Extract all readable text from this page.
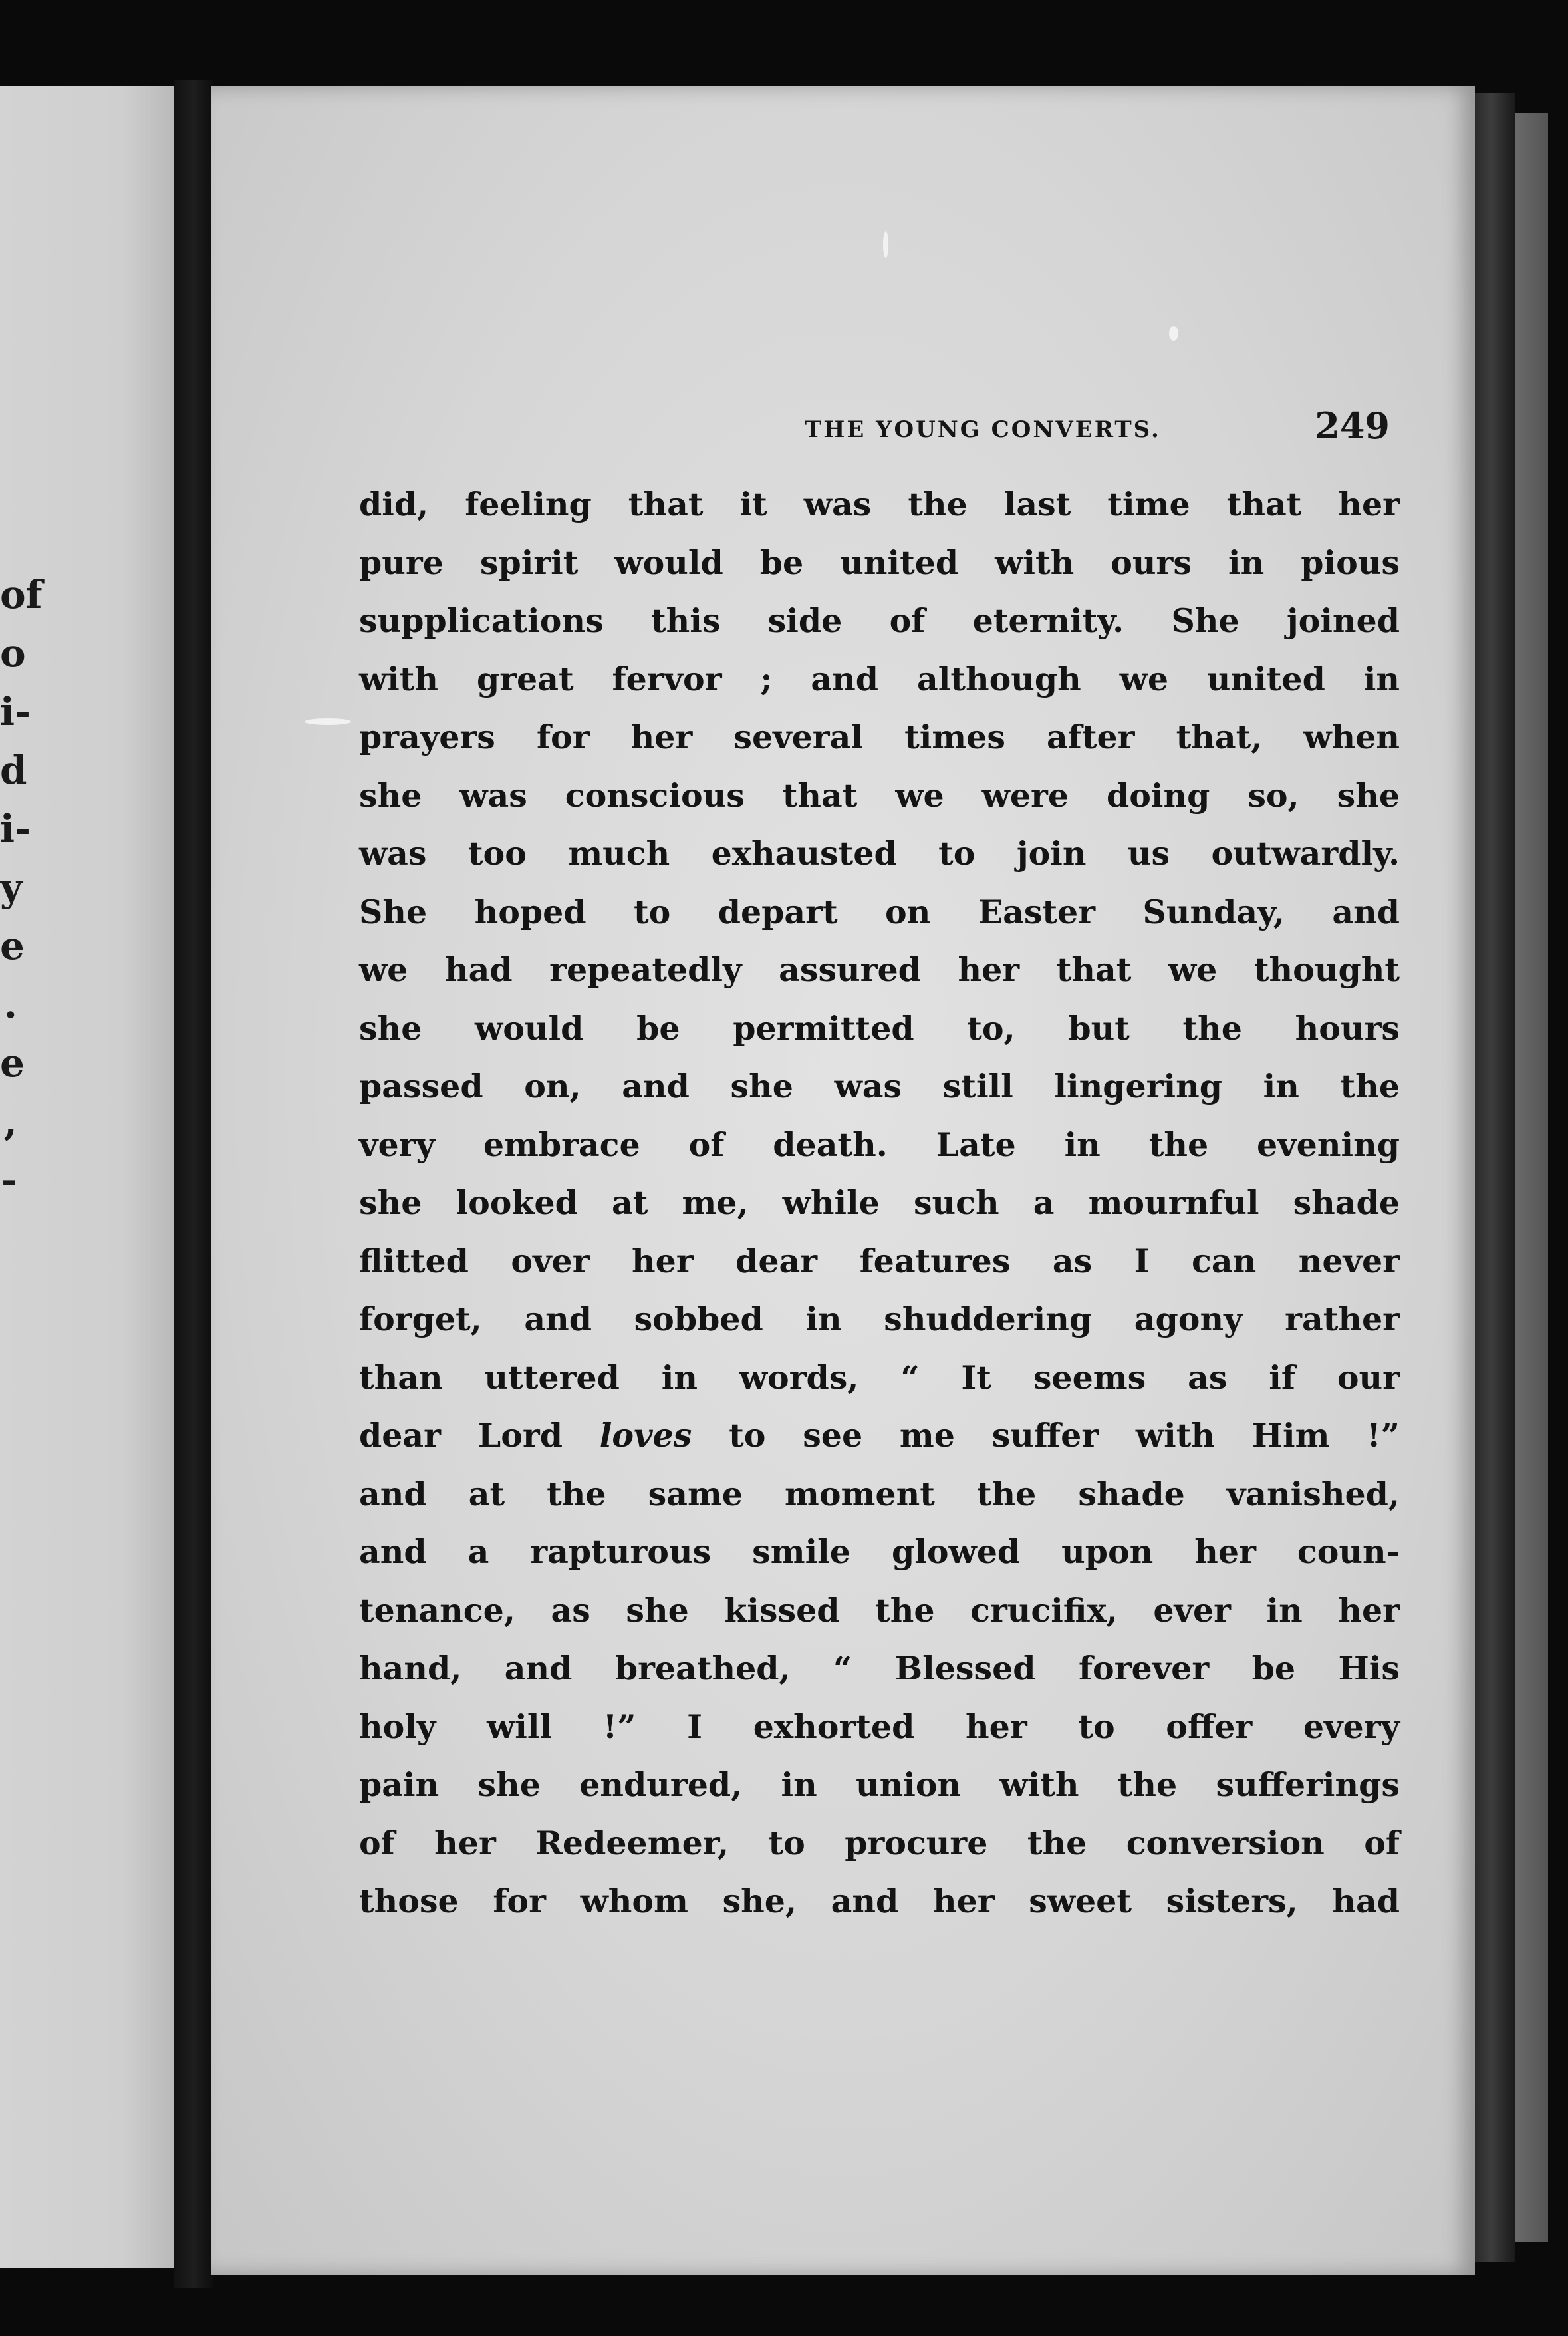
of
o
i-
d
i-
y
e
.
e
,
-
THE YOUNG CONVERTS.	249
did, feeling that it was the last time that her
pure spirit would be united with ours in pious
supplications this side of eternity. She joined
with great fervor ; and although we united in
prayers for her several times after that, when
she was conscious that we were doing so, she
was too much exhausted to join us outwardly.
She hoped to depart on Easter Sunday, and
we had repeatedly assured her that we thought
she would be permitted to, but the hours
passed on, and she was still lingering in the
very embrace of death. Late in the evening
she looked at me, while such a mournful shade
flitted over her dear features as I can never
forget, and sobbed in shuddering agony rather
than uttered in words, “ It seems as if our
dear Lord loves to see me suffer with Him !”
and at the same moment the shade vanished,
and a rapturous smile glowed upon her coun-
tenance, as she kissed the crucifix, ever in her
hand, and breathed, “ Blessed forever be His
holy will !” I exhorted her to offer every
pain she endured, in union with the sufferings
of her Redeemer, to procure the conversion of
those for whom she, and her sweet sisters, had
